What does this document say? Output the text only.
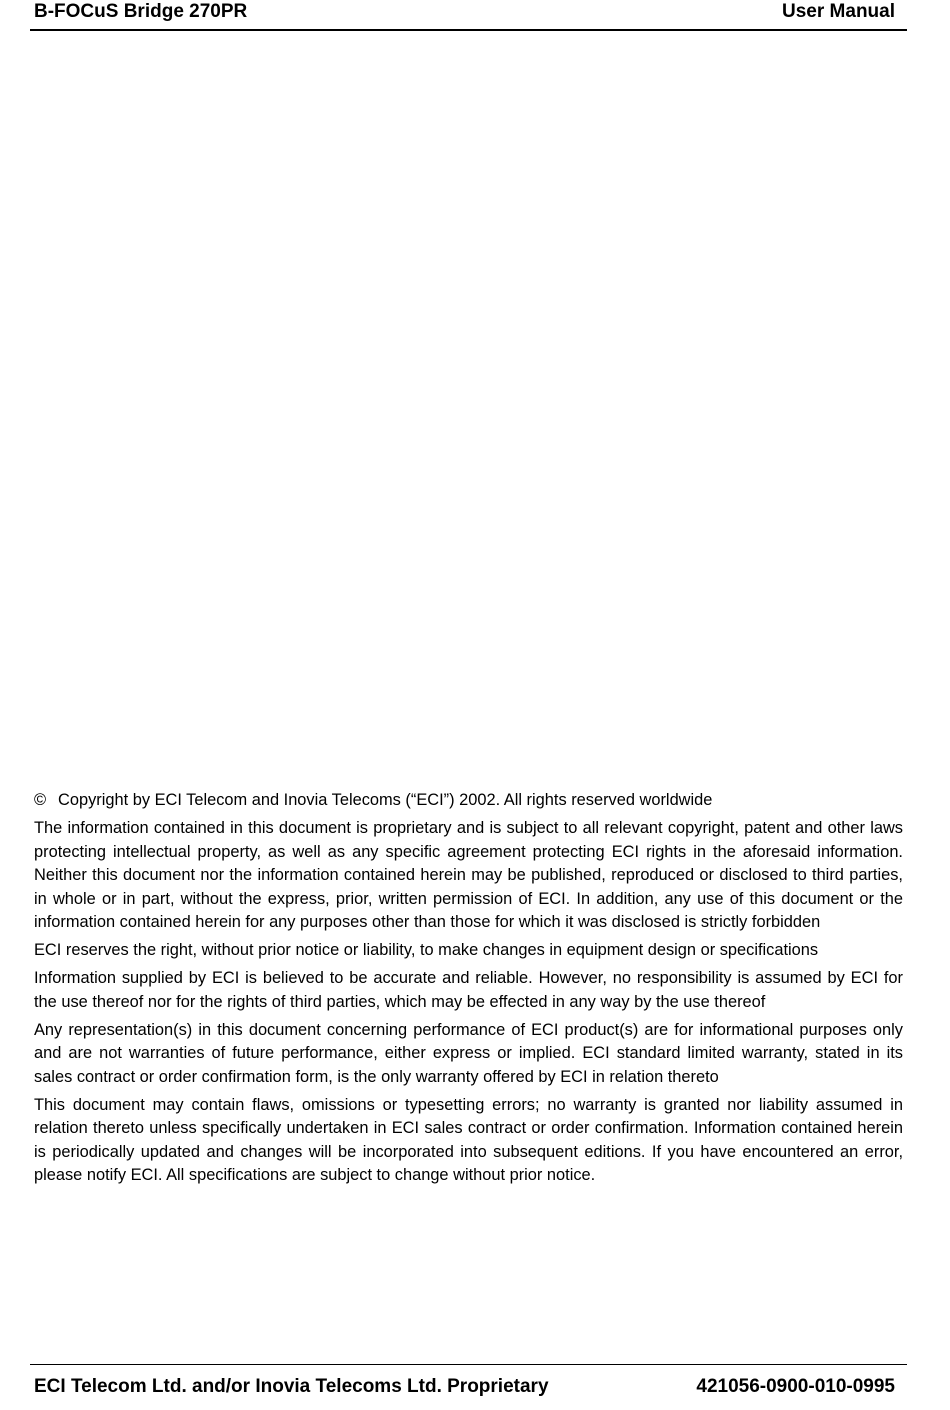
B-FOCuS Bridge 270PR	User Manual

© Copyright by ECI Telecom and Inovia Telecoms (“ECI”) 2002. All rights reserved worldwide

The information contained in this document is proprietary and is subject to all relevant copyright, patent and other laws protecting intellectual property, as well as any specific agreement protecting ECI rights in the aforesaid information. Neither this document nor the information contained herein may be published, reproduced or disclosed to third parties, in whole or in part, without the express, prior, written permission of ECI. In addition, any use of this document or the information contained herein for any purposes other than those for which it was disclosed is strictly forbidden

ECI reserves the right, without prior notice or liability, to make changes in equipment design or specifications

Information supplied by ECI is believed to be accurate and reliable. However, no responsibility is assumed by ECI for the use thereof nor for the rights of third parties, which may be effected in any way by the use thereof

Any representation(s) in this document concerning performance of ECI product(s) are for informational purposes only and are not warranties of future performance, either express or implied. ECI standard limited warranty, stated in its sales contract or order confirmation form, is the only warranty offered by ECI in relation thereto

This document may contain flaws, omissions or typesetting errors; no warranty is granted nor liability assumed in relation thereto unless specifically undertaken in ECI sales contract or order confirmation. Information contained herein is periodically updated and changes will be incorporated into subsequent editions. If you have encountered an error, please notify ECI. All specifications are subject to change without prior notice.

ECI Telecom Ltd. and/or Inovia Telecoms Ltd. Proprietary	421056-0900-010-0995
